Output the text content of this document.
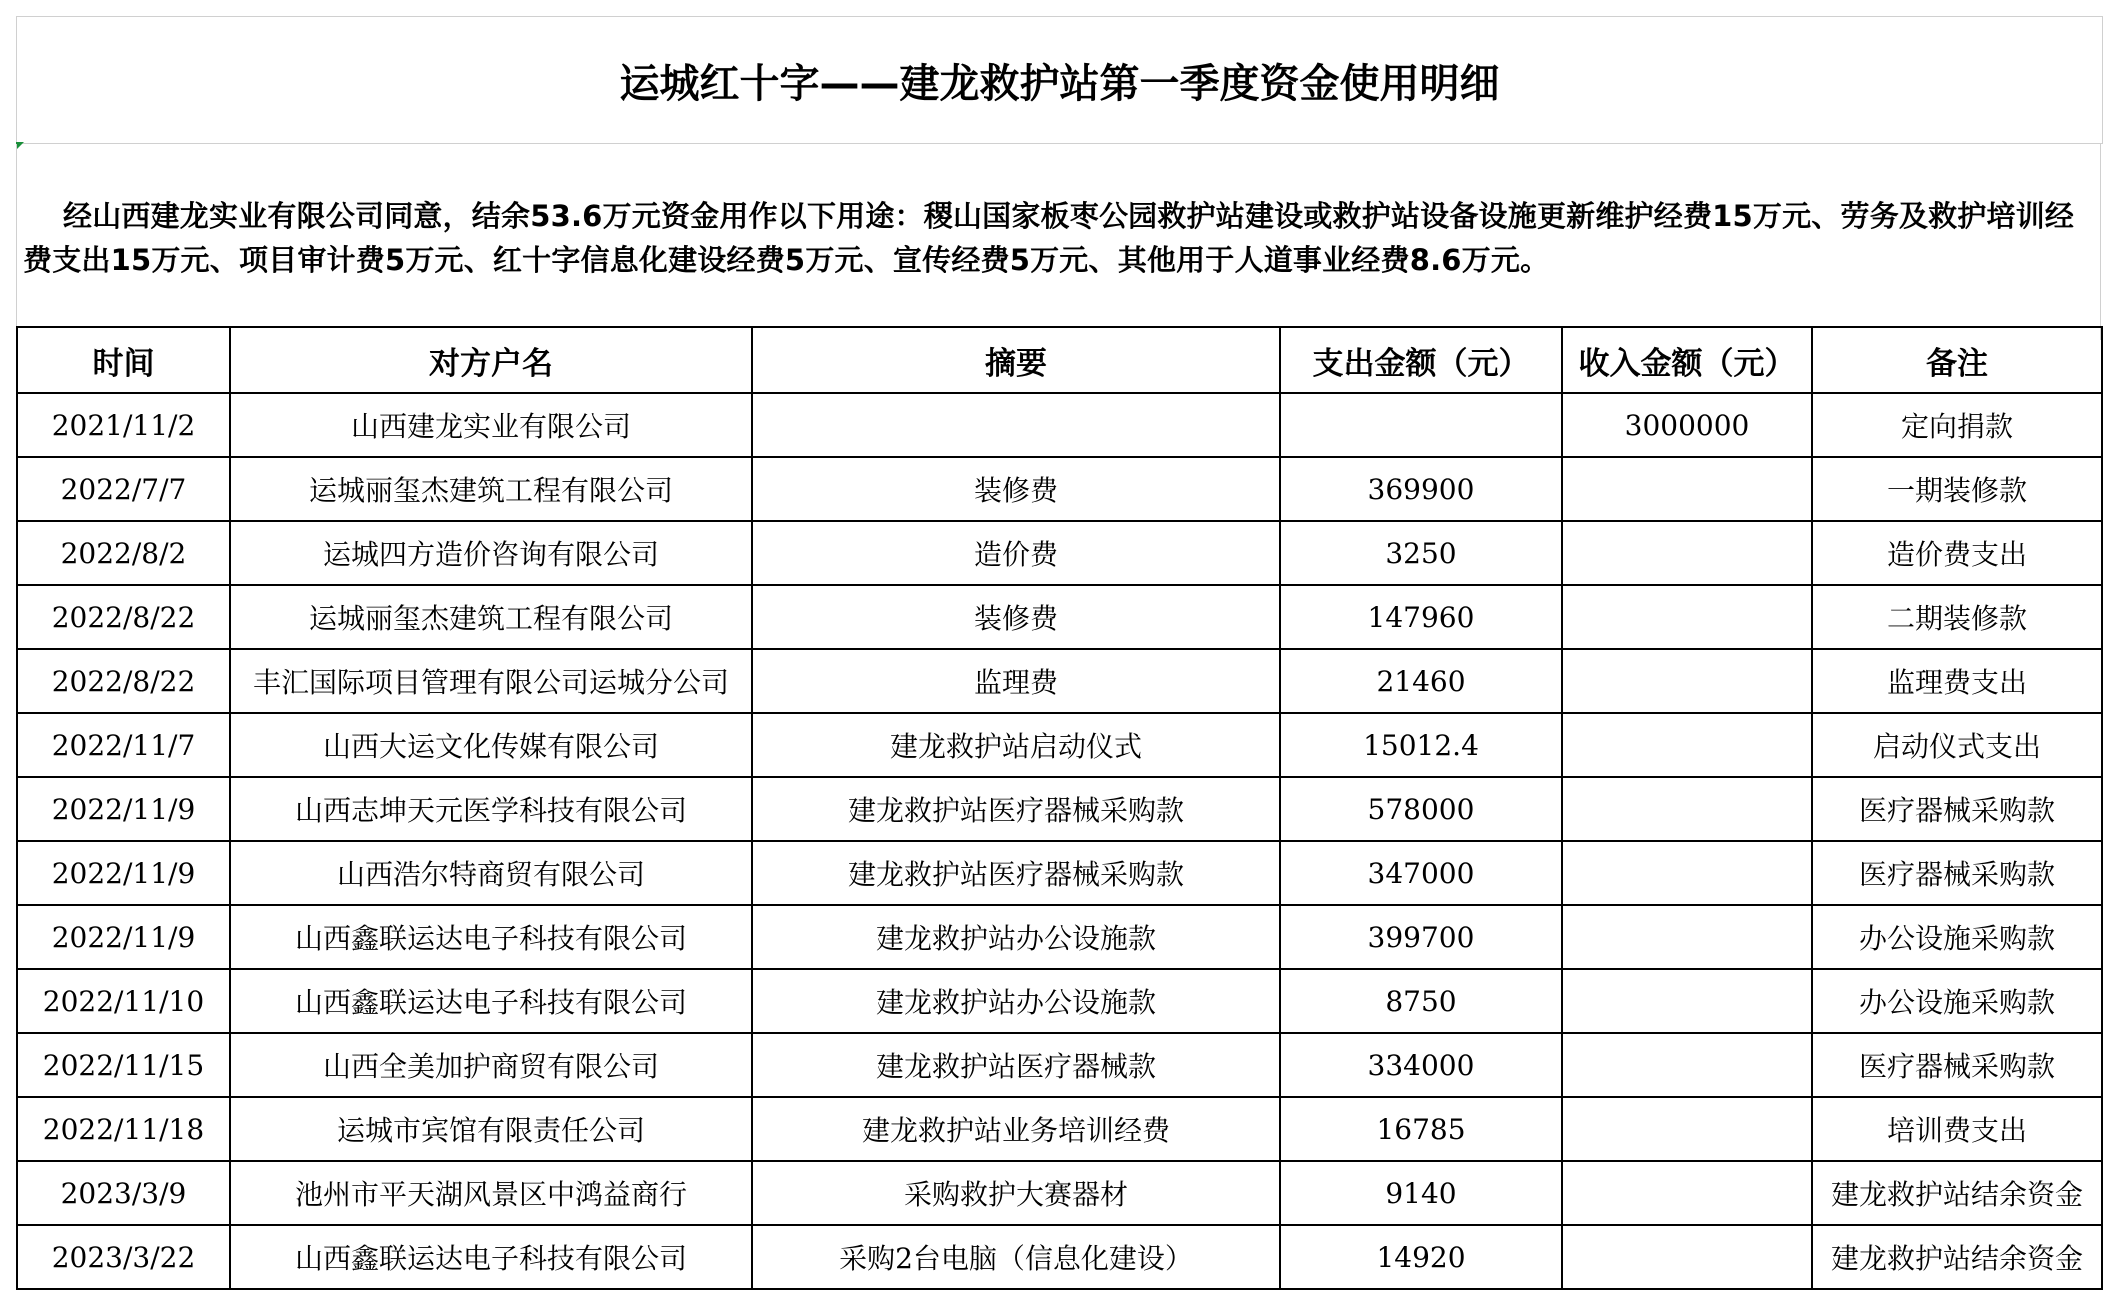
运城红十字——建龙救护站第一季度资金使用明细
经山西建龙实业有限公司同意，结余53.6万元资金用作以下用途：稷山国家板枣公园救护站建设或救护站设备设施更新维护经费15万元、劳务及救护培训经费支出15万元、项目审计费5万元、红十字信息化建设经费5万元、宣传经费5万元、其他用于人道事业经费8.6万元。
时间	对方户名	摘要	支出金额（元）	收入金额（元）	备注
2021/11/2	山西建龙实业有限公司			3000000	定向捐款
2022/7/7	运城丽玺杰建筑工程有限公司	装修费	369900		一期装修款
2022/8/2	运城四方造价咨询有限公司	造价费	3250		造价费支出
2022/8/22	运城丽玺杰建筑工程有限公司	装修费	147960		二期装修款
2022/8/22	丰汇国际项目管理有限公司运城分公司	监理费	21460		监理费支出
2022/11/7	山西大运文化传媒有限公司	建龙救护站启动仪式	15012.4		启动仪式支出
2022/11/9	山西志坤天元医学科技有限公司	建龙救护站医疗器械采购款	578000		医疗器械采购款
2022/11/9	山西浩尔特商贸有限公司	建龙救护站医疗器械采购款	347000		医疗器械采购款
2022/11/9	山西鑫联运达电子科技有限公司	建龙救护站办公设施款	399700		办公设施采购款
2022/11/10	山西鑫联运达电子科技有限公司	建龙救护站办公设施款	8750		办公设施采购款
2022/11/15	山西全美加护商贸有限公司	建龙救护站医疗器械款	334000		医疗器械采购款
2022/11/18	运城市宾馆有限责任公司	建龙救护站业务培训经费	16785		培训费支出
2023/3/9	池州市平天湖风景区中鸿益商行	采购救护大赛器材	9140		建龙救护站结余资金
2023/3/22	山西鑫联运达电子科技有限公司	采购2台电脑（信息化建设）	14920		建龙救护站结余资金
